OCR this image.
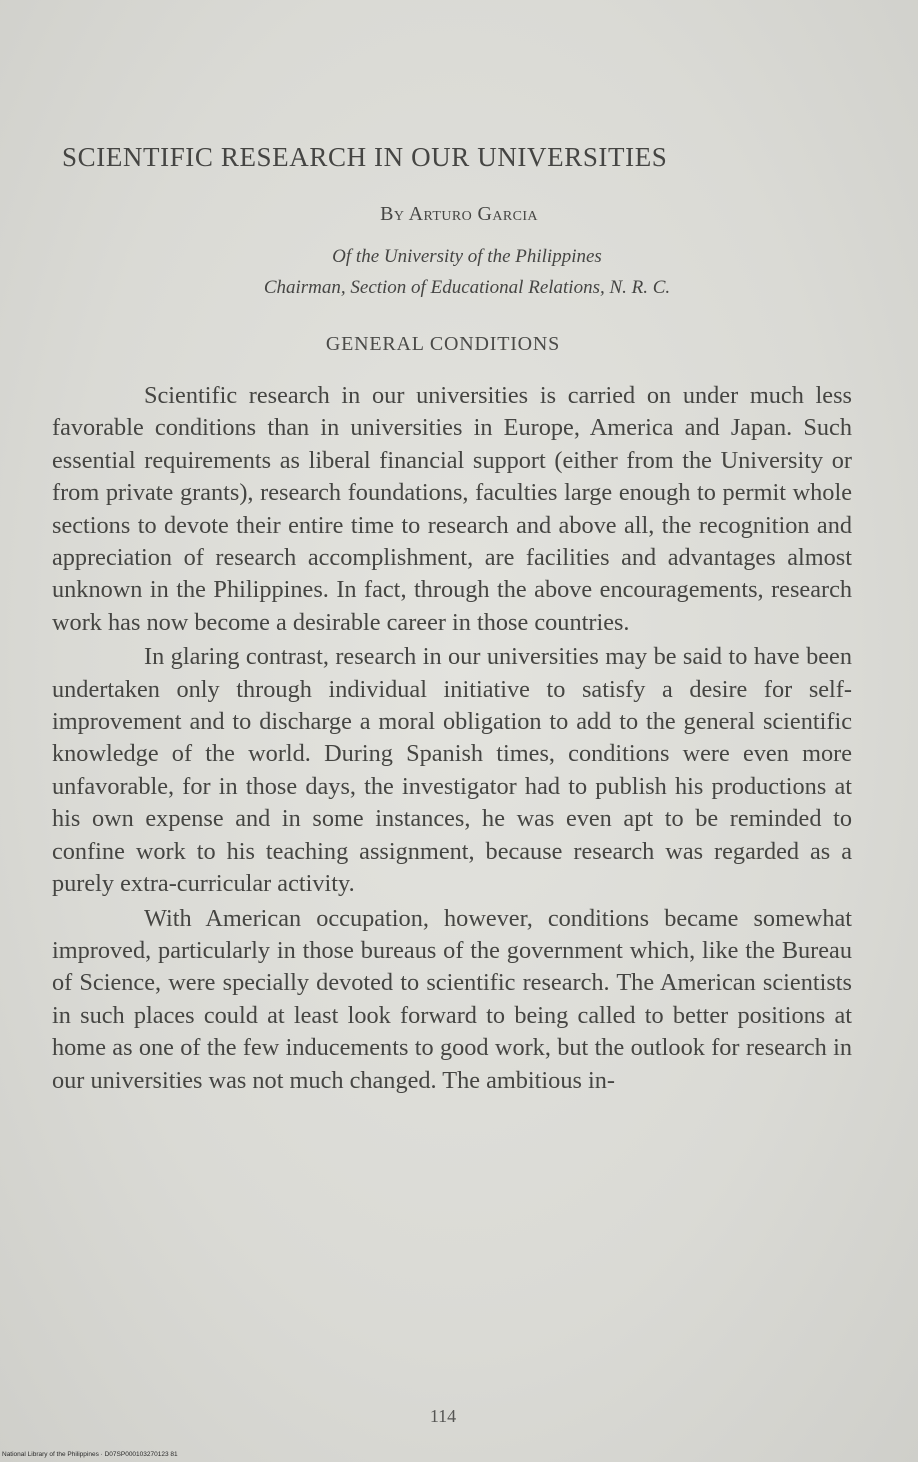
SCIENTIFIC RESEARCH IN OUR UNIVERSITIES
By Arturo Garcia
Of the University of the Philippines
Chairman, Section of Educational Relations, N. R. C.
GENERAL CONDITIONS

Scientific research in our universities is carried on under much less favorable conditions than in universities in Europe, America and Japan. Such essential requirements as liberal financial support (either from the University or from private grants), research foundations, faculties large enough to permit whole sections to devote their entire time to research and above all, the recognition and appreciation of research accomplishment, are facilities and advantages almost unknown in the Philippines. In fact, through the above encouragements, research work has now become a desirable career in those countries.

In glaring contrast, research in our universities may be said to have been undertaken only through individual initiative to satisfy a desire for self-improvement and to discharge a moral obligation to add to the general scientific knowledge of the world. During Spanish times, conditions were even more unfavorable, for in those days, the investigator had to publish his productions at his own expense and in some instances, he was even apt to be reminded to confine work to his teaching assignment, because research was regarded as a purely extra-curricular activity.

With American occupation, however, conditions became somewhat improved, particularly in those bureaus of the government which, like the Bureau of Science, were specially devoted to scientific research. The American scientists in such places could at least look forward to being called to better positions at home as one of the few inducements to good work, but the outlook for research in our universities was not much changed. The ambitious in-

114
National Library of the Philippines · D07SP000103270123 81
